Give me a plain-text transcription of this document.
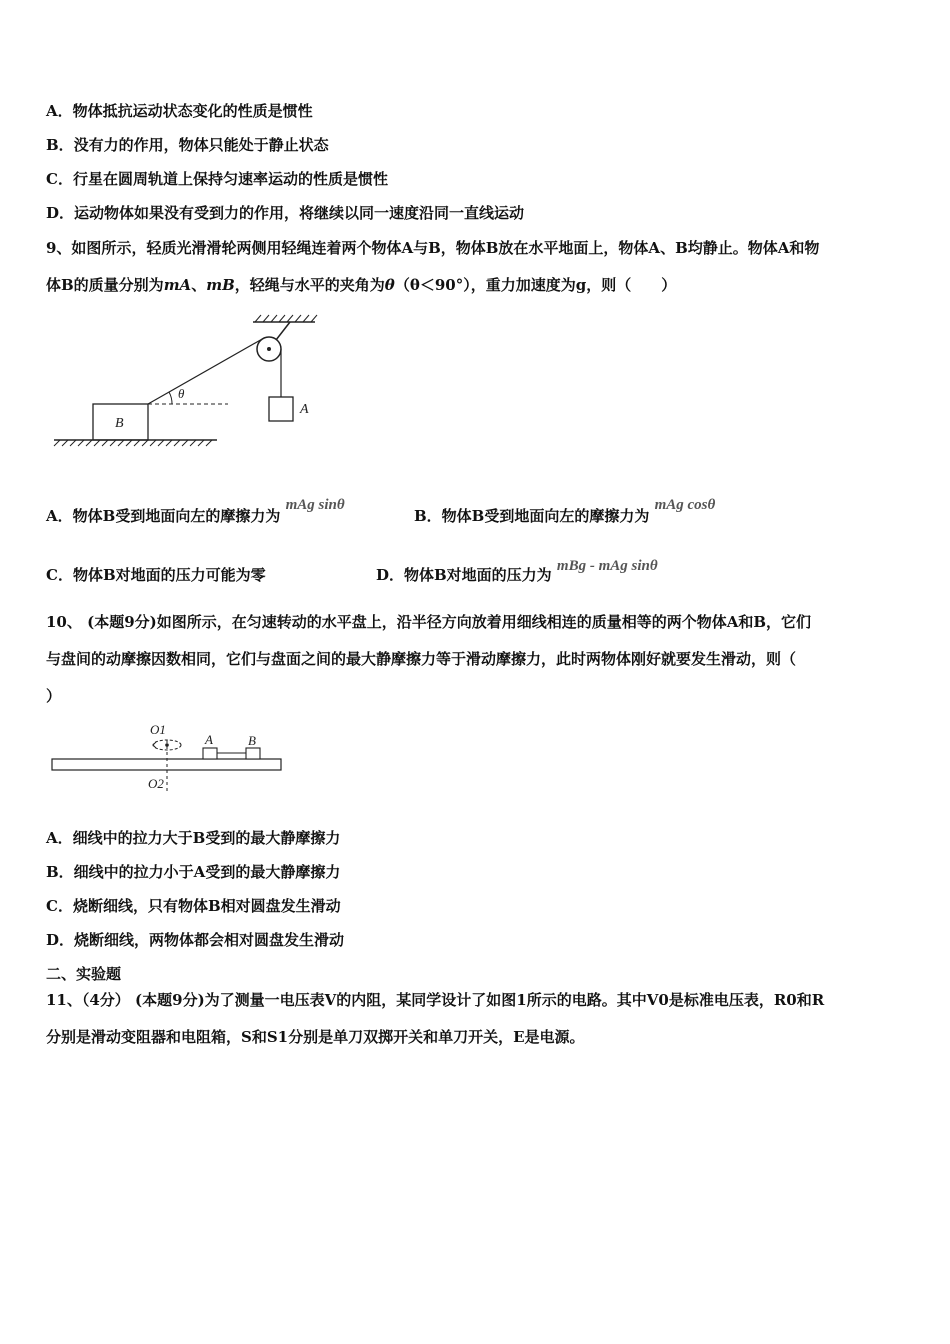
A．物体抵抗运动状态变化的性质是惯性
B．没有力的作用，物体只能处于静止状态
C．行星在圆周轨道上保持匀速率运动的性质是惯性
D．运动物体如果没有受到力的作用，将继续以同一速度沿同一直线运动
9、如图所示，轻质光滑滑轮两侧用轻绳连着两个物体A与B，物体B放在水平地面上，物体A、B均静止。物体A和物
体B的质量分别为mA、mB，轻绳与水平的夹角为θ（θ＜90°），重力加速度为g，则（　　）
A
θ
B
A．物体B受到地面向左的摩擦力为 mAg sinθ
B．物体B受到地面向左的摩擦力为 mAg cosθ
C．物体B对地面的压力可能为零	D．物体B对地面的压力为 mBg - mAg sinθ
10、 (本题9分)如图所示，在匀速转动的水平盘上，沿半径方向放着用细线相连的质量相等的两个物体A和B，它们
与盘间的动摩擦因数相同，它们与盘面之间的最大静摩擦力等于滑动摩擦力，此时两物体刚好就要发生滑动，则（
）
O1
O2
A	B
A．细线中的拉力大于B受到的最大静摩擦力
B．细线中的拉力小于A受到的最大静摩擦力
C．烧断细线，只有物体B相对圆盘发生滑动
D．烧断细线，两物体都会相对圆盘发生滑动
二、实验题
11、（4分） (本题9分)为了测量一电压表V的内阻，某同学设计了如图1所示的电路。其中V0是标准电压表，R0和R
分别是滑动变阻器和电阻箱，S和S1分别是单刀双掷开关和单刀开关，E是电源。
